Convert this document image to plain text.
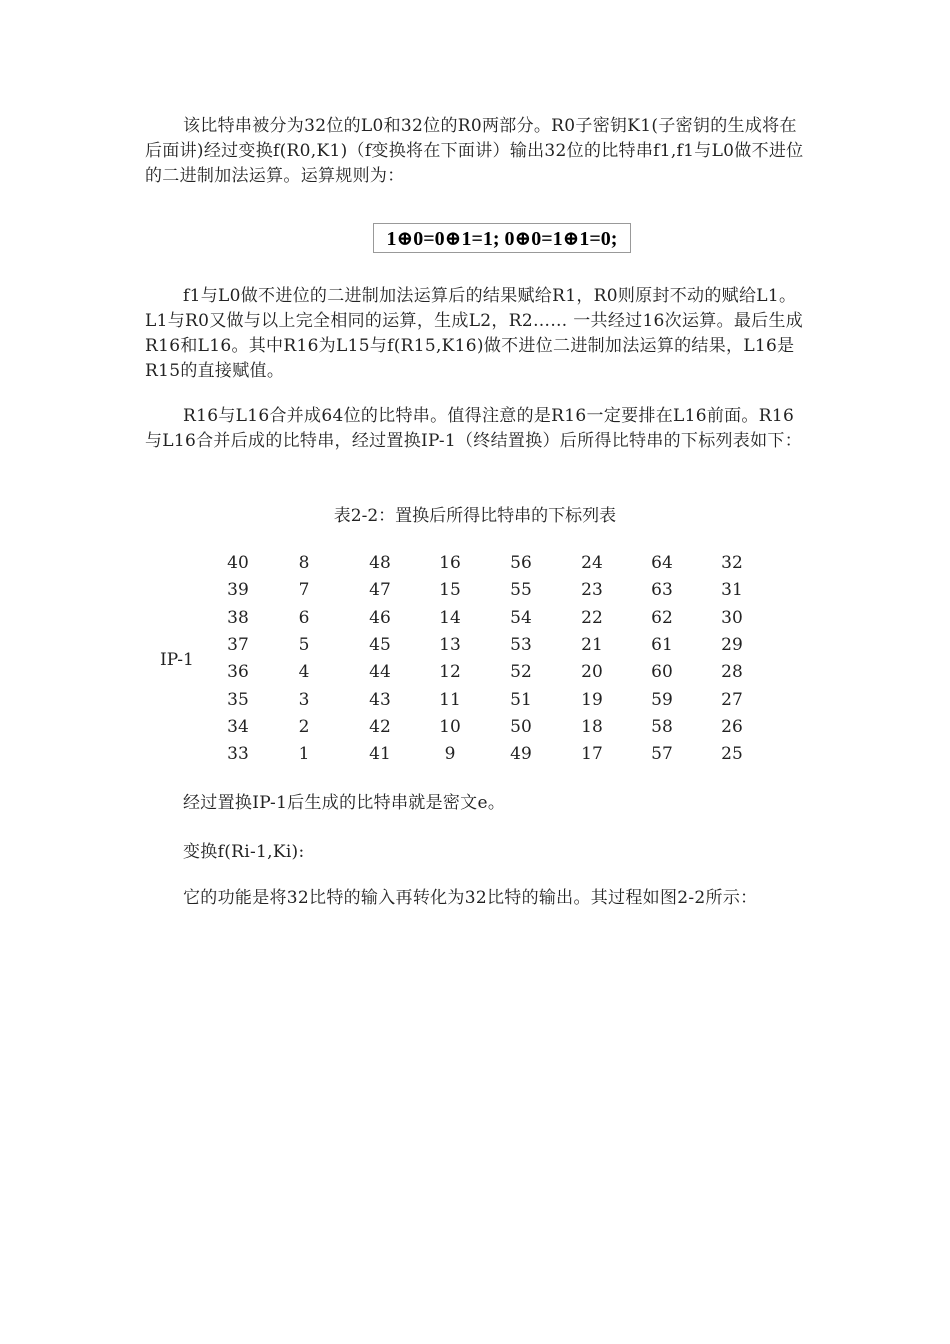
该比特串被分为32位的L0和32位的R0两部分。R0子密钥K1(子密钥的生成将在后面讲)经过变换f(R0,K1)（f变换将在下面讲）输出32位的比特串f1,f1与L0做不进位的二进制加法运算。运算规则为：

1⊕0=0⊕1=1; 0⊕0=1⊕1=0;

f1与L0做不进位的二进制加法运算后的结果赋给R1，R0则原封不动的赋给L1。L1与R0又做与以上完全相同的运算，生成L2，R2…… 一共经过16次运算。最后生成R16和L16。其中R16为L15与f(R15,K16)做不进位二进制加法运算的结果，L16是R15的直接赋值。

R16与L16合并成64位的比特串。值得注意的是R16一定要排在L16前面。R16与L16合并后成的比特串，经过置换IP-1（终结置换）后所得比特串的下标列表如下：

表2-2：置换后所得比特串的下标列表

IP-1
40	8	48	16	56	24	64	32
39	7	47	15	55	23	63	31
38	6	46	14	54	22	62	30
37	5	45	13	53	21	61	29
36	4	44	12	52	20	60	28
35	3	43	11	51	19	59	27
34	2	42	10	50	18	58	26
33	1	41	9	49	17	57	25

经过置换IP-1后生成的比特串就是密文e。

变换f(Ri-1,Ki):

它的功能是将32比特的输入再转化为32比特的输出。其过程如图2-2所示：
